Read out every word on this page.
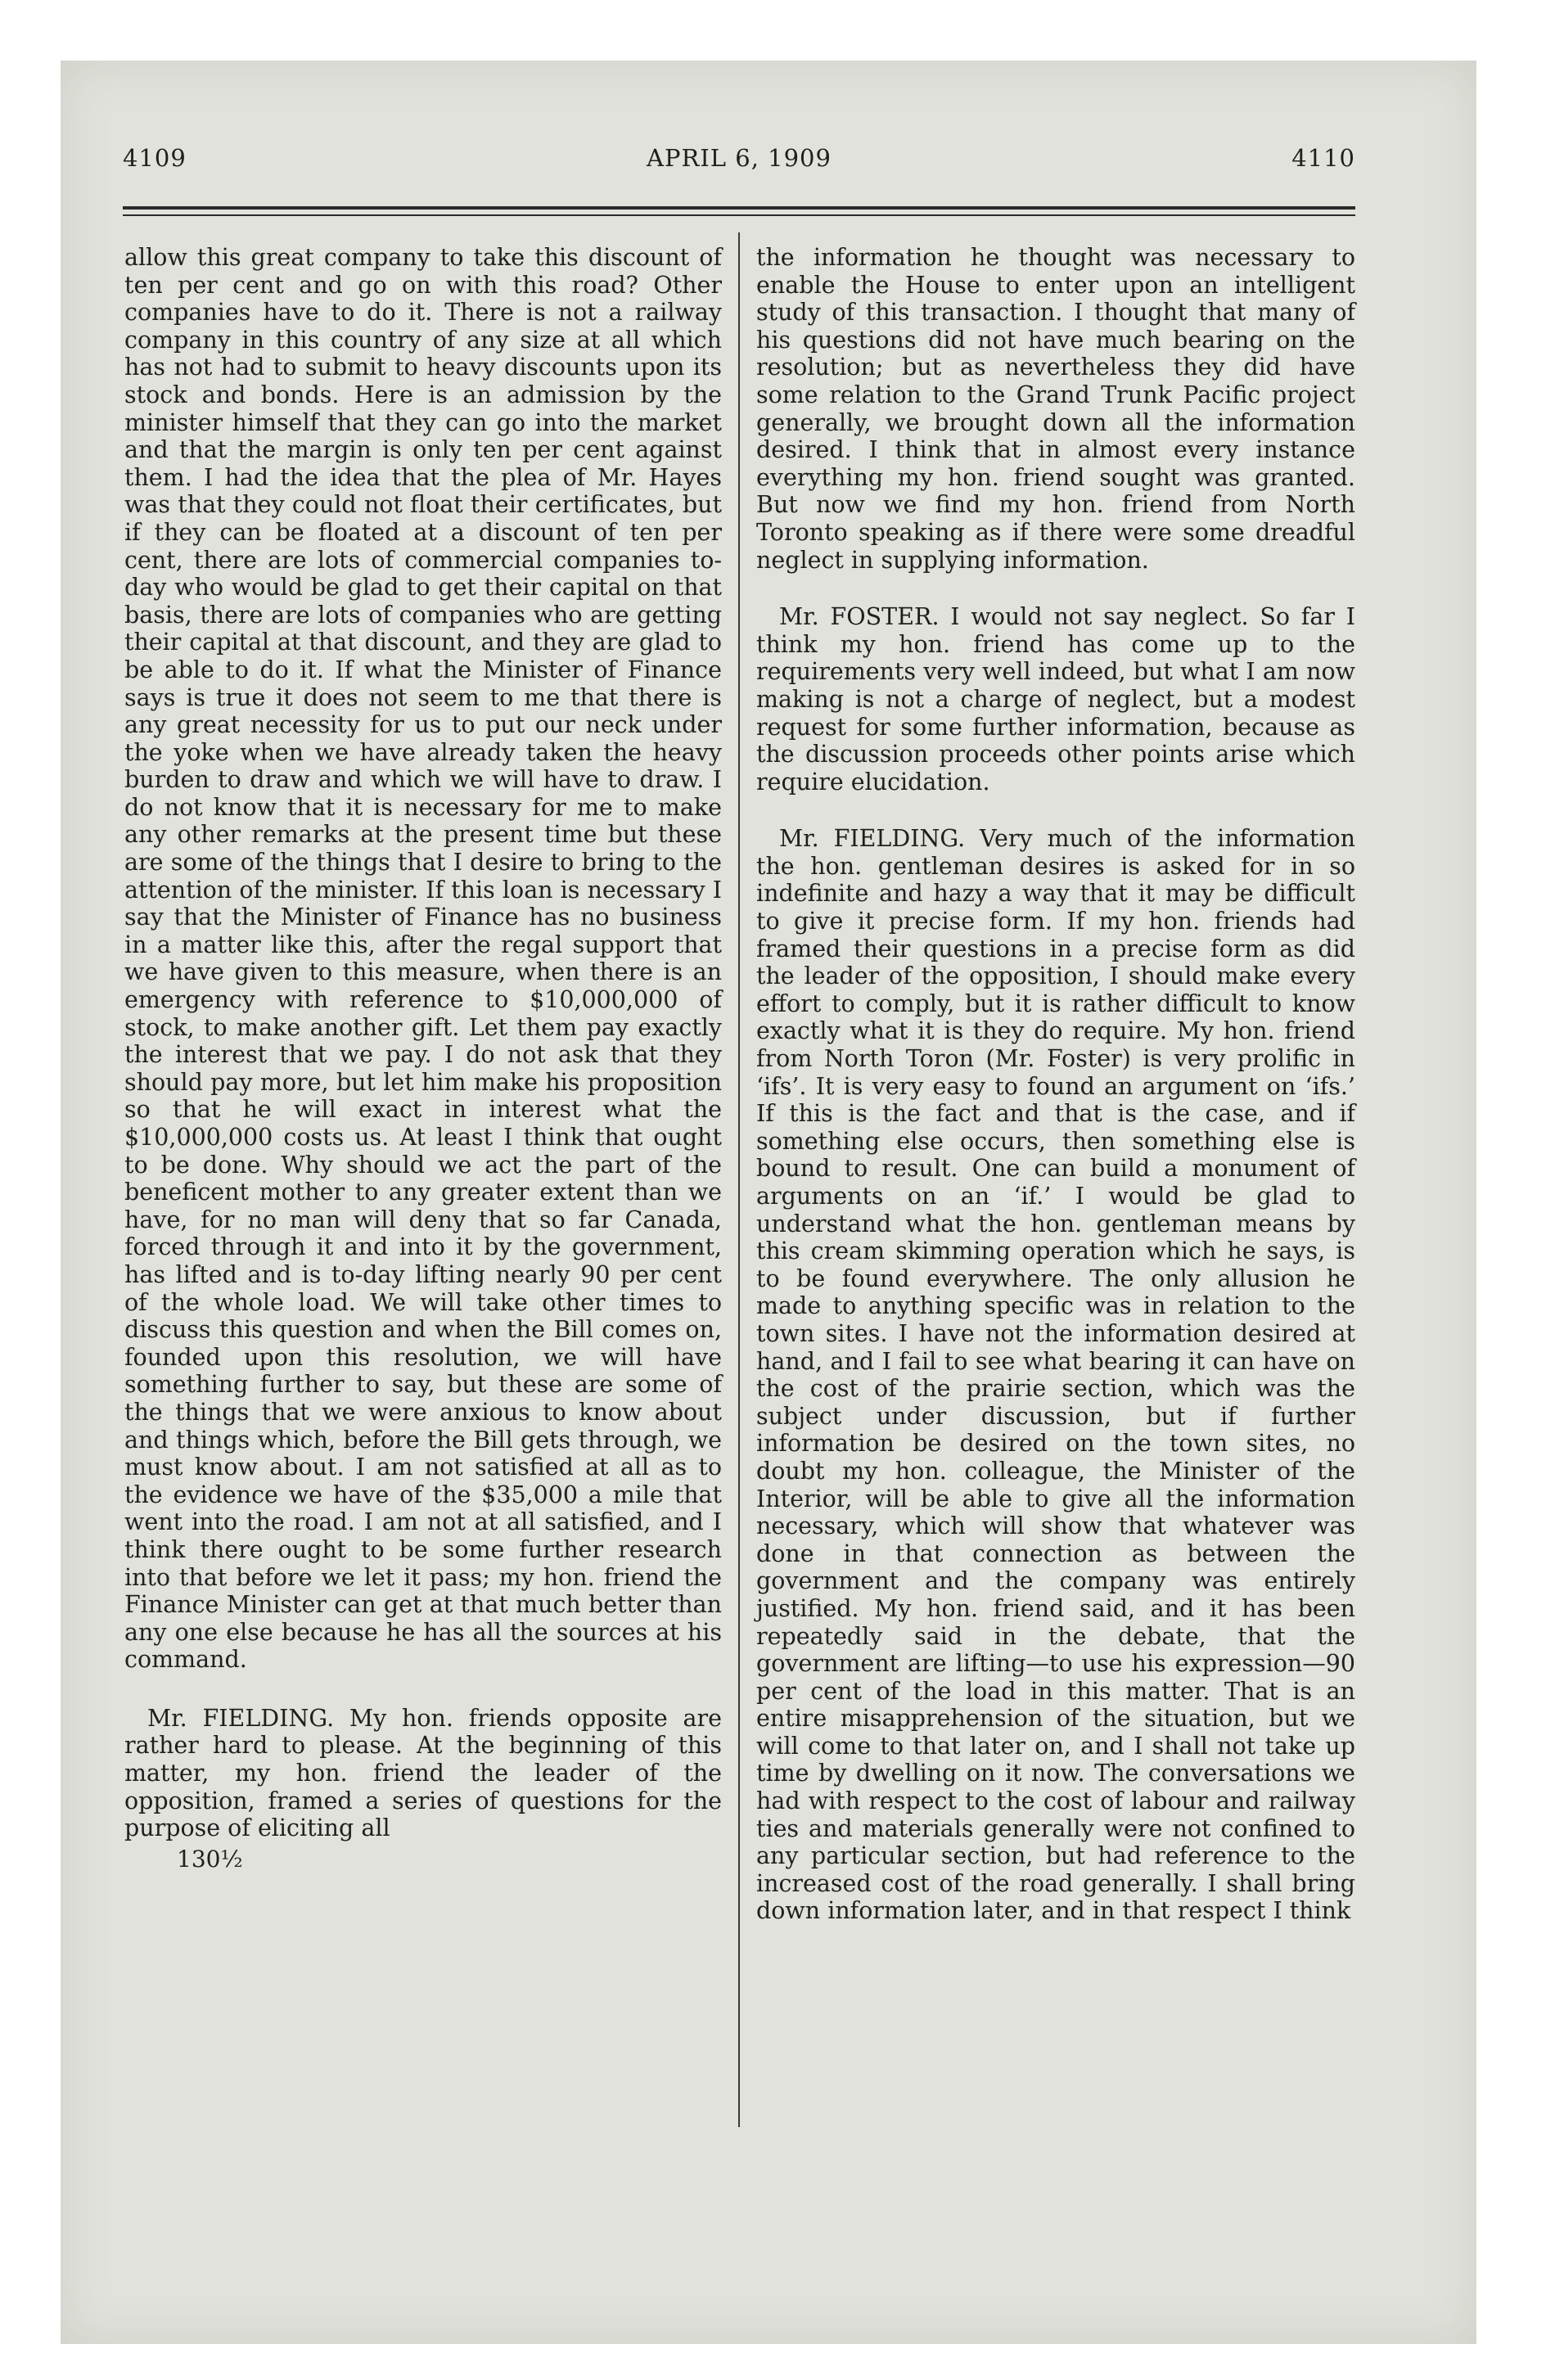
4109	APRIL 6, 1909	4110

allow this great company to take this discount of ten per cent and go on with this road? Other companies have to do it. There is not a railway company in this country of any size at all which has not had to submit to heavy discounts upon its stock and bonds. Here is an admission by the minister himself that they can go into the market and that the margin is only ten per cent against them. I had the idea that the plea of Mr. Hayes was that they could not float their certificates, but if they can be floated at a discount of ten per cent, there are lots of commercial companies to-day who would be glad to get their capital on that basis, there are lots of companies who are getting their capital at that discount, and they are glad to be able to do it. If what the Minister of Finance says is true it does not seem to me that there is any great necessity for us to put our neck under the yoke when we have already taken the heavy burden to draw and which we will have to draw. I do not know that it is necessary for me to make any other remarks at the present time but these are some of the things that I desire to bring to the attention of the minister. If this loan is necessary I say that the Minister of Finance has no business in a matter like this, after the regal support that we have given to this measure, when there is an emergency with reference to $10,000,000 of stock, to make another gift. Let them pay exactly the interest that we pay. I do not ask that they should pay more, but let him make his proposition so that he will exact in interest what the $10,000,000 costs us. At least I think that ought to be done. Why should we act the part of the beneficent mother to any greater extent than we have, for no man will deny that so far Canada, forced through it and into it by the government, has lifted and is to-day lifting nearly 90 per cent of the whole load. We will take other times to discuss this question and when the Bill comes on, founded upon this resolution, we will have something further to say, but these are some of the things that we were anxious to know about and things which, before the Bill gets through, we must know about. I am not satisfied at all as to the evidence we have of the $35,000 a mile that went into the road. I am not at all satisfied, and I think there ought to be some further research into that before we let it pass; my hon. friend the Finance Minister can get at that much better than any one else because he has all the sources at his command.

Mr. FIELDING. My hon. friends opposite are rather hard to please. At the beginning of this matter, my hon. friend the leader of the opposition, framed a series of questions for the purpose of eliciting all

130½

the information he thought was necessary to enable the House to enter upon an intelligent study of this transaction. I thought that many of his questions did not have much bearing on the resolution; but as nevertheless they did have some relation to the Grand Trunk Pacific project generally, we brought down all the information desired. I think that in almost every instance everything my hon. friend sought was granted. But now we find my hon. friend from North Toronto speaking as if there were some dreadful neglect in supplying information.

Mr. FOSTER. I would not say neglect. So far I think my hon. friend has come up to the requirements very well indeed, but what I am now making is not a charge of neglect, but a modest request for some further information, because as the discussion proceeds other points arise which require elucidation.

Mr. FIELDING. Very much of the information the hon. gentleman desires is asked for in so indefinite and hazy a way that it may be difficult to give it precise form. If my hon. friends had framed their questions in a precise form as did the leader of the opposition, I should make every effort to comply, but it is rather difficult to know exactly what it is they do require. My hon. friend from North Toron (Mr. Foster) is very prolific in ‘ifs’. It is very easy to found an argument on ‘ifs.’ If this is the fact and that is the case, and if something else occurs, then something else is bound to result. One can build a monument of arguments on an ‘if.’ I would be glad to understand what the hon. gentleman means by this cream skimming operation which he says, is to be found everywhere. The only allusion he made to anything specific was in relation to the town sites. I have not the information desired at hand, and I fail to see what bearing it can have on the cost of the prairie section, which was the subject under discussion, but if further information be desired on the town sites, no doubt my hon. colleague, the Minister of the Interior, will be able to give all the information necessary, which will show that whatever was done in that connection as between the government and the company was entirely justified. My hon. friend said, and it has been repeatedly said in the debate, that the government are lifting—to use his expression—90 per cent of the load in this matter. That is an entire misapprehension of the situation, but we will come to that later on, and I shall not take up time by dwelling on it now. The conversations we had with respect to the cost of labour and railway ties and materials generally were not confined to any particular section, but had reference to the increased cost of the road generally. I shall bring down information later, and in that respect I think
